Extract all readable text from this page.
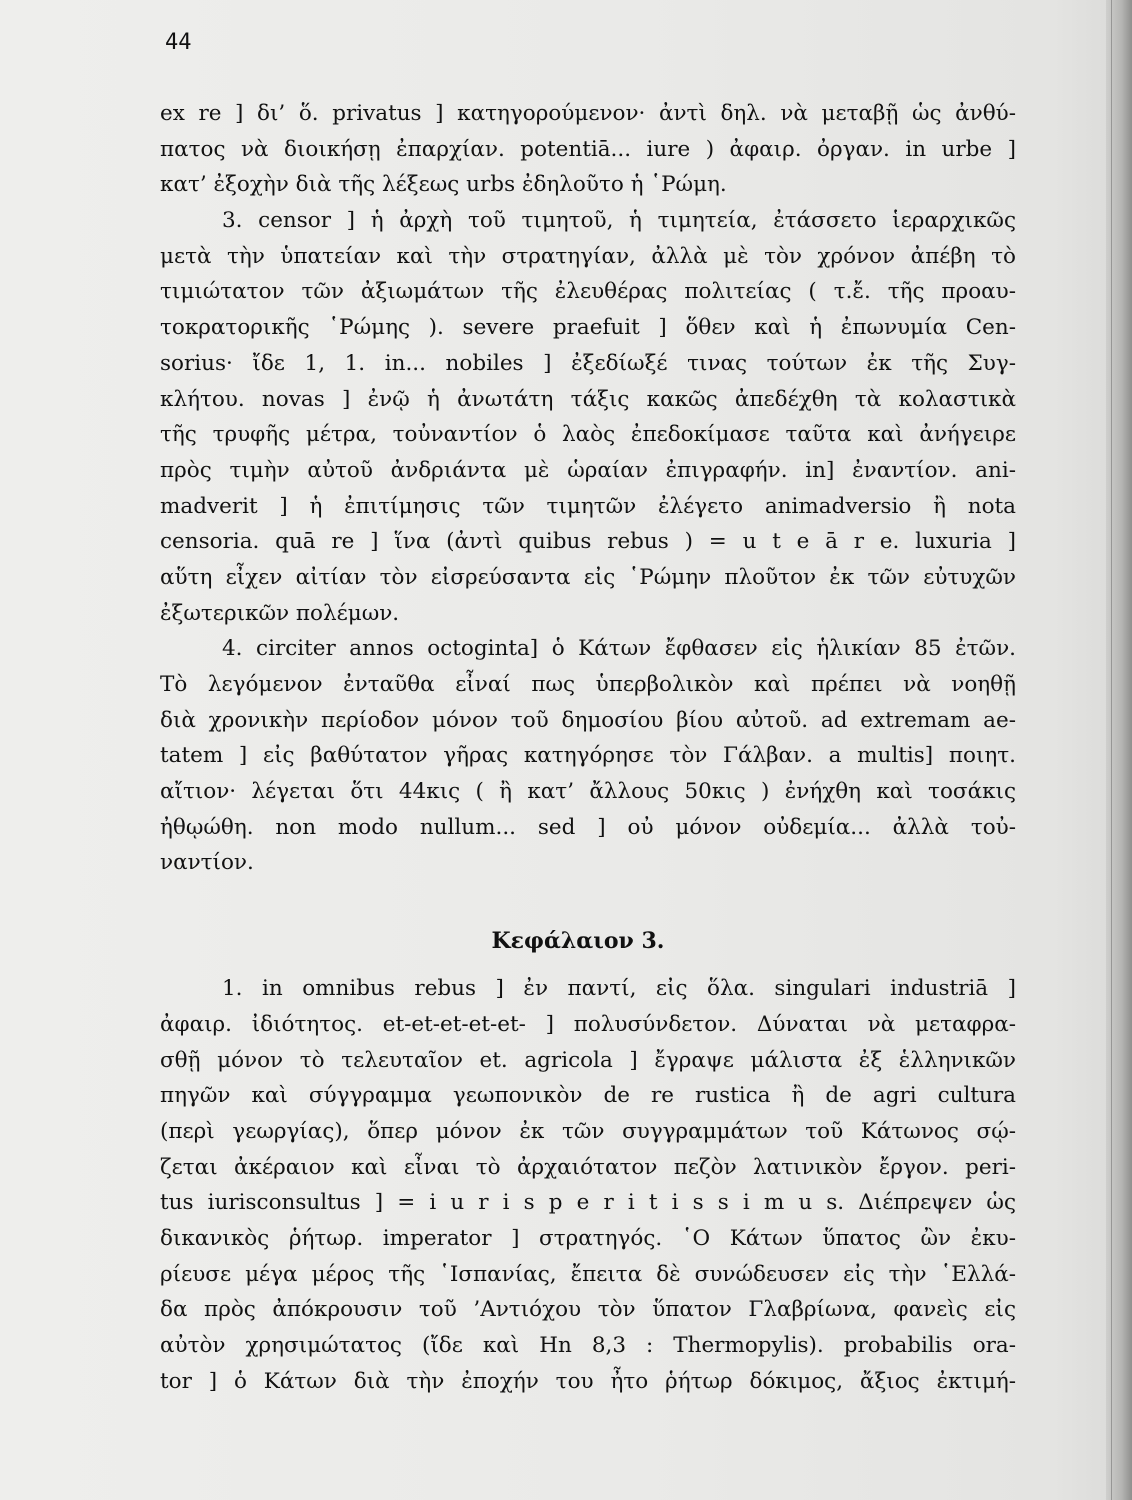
44
ex re ] δι’ ὅ. privatus ] κατηγορούμενον· ἀντὶ δηλ. νὰ μεταβῇ ὡς ἀνθύ-
πατος νὰ διοικήσῃ ἐπαρχίαν. potentiā... iure ) ἀφαιρ. ὀργαν. in urbe ]
κατ’ ἐξοχὴν διὰ τῆς λέξεως urbs ἐδηλοῦτο ἡ ῾Ρώμη.
3. censor ] ἡ ἀρχὴ τοῦ τιμητοῦ, ἡ τιμητεία, ἐτάσσετο ἱεραρχικῶς
μετὰ τὴν ὑπατείαν καὶ τὴν στρατηγίαν, ἀλλὰ μὲ τὸν χρόνον ἀπέβη τὸ
τιμιώτατον τῶν ἀξιωμάτων τῆς ἐλευθέρας πολιτείας ( τ.ἔ. τῆς προαυ-
τοκρατορικῆς ῾Ρώμης ). severe praefuit ] ὅθεν καὶ ἡ ἐπωνυμία Cen-
sorius· ἴδε 1, 1. in... nobiles ] ἐξεδίωξέ τινας τούτων ἐκ τῆς Συγ-
κλήτου. novas ] ἐνῷ ἡ ἀνωτάτη τάξις κακῶς ἀπεδέχθη τὰ κολαστικὰ
τῆς τρυφῆς μέτρα, τοὐναντίον ὁ λαὸς ἐπεδοκίμασε ταῦτα καὶ ἀνήγειρε
πρὸς τιμὴν αὐτοῦ ἀνδριάντα μὲ ὡραίαν ἐπιγραφήν. in] ἐναντίον. ani-
madverit ] ἡ ἐπιτίμησις τῶν τιμητῶν ἐλέγετο animadversio ἢ nota
censoria. quā re ] ἵνα (ἀντὶ quibus rebus ) = u t e ā r e. luxuria ]
αὕτη εἶχεν αἰτίαν τὸν εἰσρεύσαντα εἰς ῾Ρώμην πλοῦτον ἐκ τῶν εὐτυχῶν
ἐξωτερικῶν πολέμων.
4. circiter annos octoginta] ὁ Κάτων ἔφθασεν εἰς ἡλικίαν 85 ἐτῶν.
Τὸ λεγόμενον ἐνταῦθα εἶναί πως ὑπερβολικὸν καὶ πρέπει νὰ νοηθῇ
διὰ χρονικὴν περίοδον μόνον τοῦ δημοσίου βίου αὐτοῦ. ad extremam ae-
tatem ] εἰς βαθύτατον γῆρας κατηγόρησε τὸν Γάλβαν. a multis] ποιητ.
αἴτιον· λέγεται ὅτι 44κις ( ἢ κατ’ ἄλλους 50κις ) ἐνήχθη καὶ τοσάκις
ἠθῳώθη. non modo nullum... sed ] οὐ μόνον οὐδεμία... ἀλλὰ τοὐ-
ναντίον.
Κεφάλαιον 3.
1. in omnibus rebus ] ἐν παντί, εἰς ὅλα. singulari industriā ]
ἀφαιρ. ἰδιότητος. et-et-et-et-et- ] πολυσύνδετον. Δύναται νὰ μεταφρα-
σθῇ μόνον τὸ τελευταῖον et. agricola ] ἔγραψε μάλιστα ἐξ ἑλληνικῶν
πηγῶν καὶ σύγγραμμα γεωπονικὸν de re rustica ἢ de agri cultura
(περὶ γεωργίας), ὅπερ μόνον ἐκ τῶν συγγραμμάτων τοῦ Κάτωνος σῴ-
ζεται ἀκέραιον καὶ εἶναι τὸ ἀρχαιότατον πεζὸν λατινικὸν ἔργον. peri-
tus iurisconsultus ] = i u r i s p e r i t i s s i m u s. Διέπρεψεν ὡς
δικανικὸς ῥήτωρ. imperator ] στρατηγός. ῾Ο Κάτων ὕπατος ὢν ἐκυ-
ρίευσε μέγα μέρος τῆς ῾Ισπανίας, ἔπειτα δὲ συνώδευσεν εἰς τὴν ῾Ελλά-
δα πρὸς ἀπόκρουσιν τοῦ ’Αντιόχου τὸν ὕπατον Γλαβρίωνα, φανεὶς εἰς
αὐτὸν χρησιμώτατος (ἴδε καὶ Hn 8,3 : Thermopylis). probabilis ora-
tor ] ὁ Κάτων διὰ τὴν ἐποχήν του ἦτο ῥήτωρ δόκιμος, ἄξιος ἐκτιμή-
